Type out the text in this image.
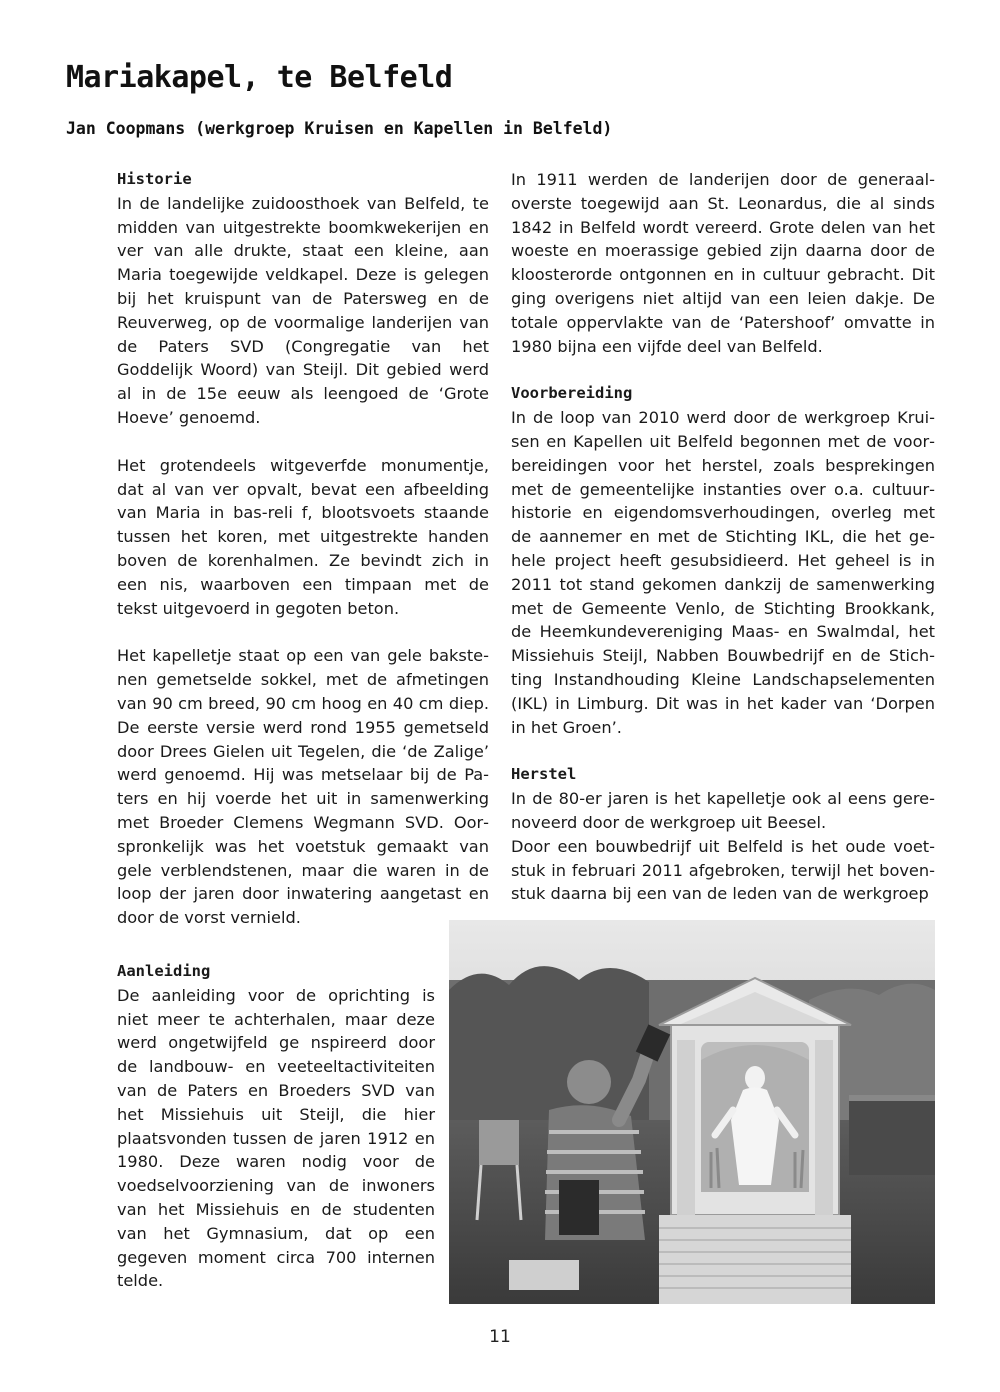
Mariakapel, te Belfeld
Jan Coopmans (werkgroep Kruisen en Kapellen in Belfeld)
Historie

In de landelijke zuidoosthoek van Belfeld, te midden van uitgestrekte boomkwekerijen en ver van alle drukte, staat een kleine, aan Maria toegewijde veldkapel. Deze is gelegen bij het kruispunt van de Patersweg en de Reuverweg, op de voormalige landerijen van de Paters SVD (Congregatie van het Goddelijk Woord) van Steijl. Dit gebied werd al in de 15e eeuw als leengoed de ‘Grote Hoeve’ genoemd.

Het grotendeels witgeverfde monumentje, dat al van ver opvalt, bevat een afbeelding van Maria in bas-reli f, blootsvoets staande tussen het koren, met uitgestrekte handen boven de korenhalmen. Ze bevindt zich in een nis, waarboven een timpaan met de tekst uitgevoerd in gegoten beton.

Het kapelletje staat op een van gele bakstenen gemetselde sokkel, met de afmetingen van 90 cm breed, 90 cm hoog en 40 cm diep. De eerste versie werd rond 1955 gemetseld door Drees Gielen uit Tegelen, die ‘de Zalige’ werd genoemd. Hij was metselaar bij de Paters en hij voerde het uit in samenwerking met Broeder Clemens Wegmann SVD. Oorspronkelijk was het voetstuk gemaakt van gele verblendstenen, maar die waren in de loop der jaren door inwatering aangetast en door de vorst vernield.

Aanleiding

De aanleiding voor de oprichting is niet meer te achterhalen, maar deze werd ongetwijfeld ge nspireerd door de landbouw- en veeteeltactiviteiten van de Paters en Broeders SVD van het Missiehuis uit Steijl, die hier plaatsvonden tussen de jaren 1912 en 1980. Deze waren nodig voor de voedselvoorziening van de inwoners van het Missiehuis en de studenten van het Gymnasium, dat op een gegeven moment circa 700 internen telde.

In 1911 werden de landerijen door de generaaloverste toegewijd aan St. Leonardus, die al sinds 1842 in Belfeld wordt vereerd. Grote delen van het woeste en moerassige gebied zijn daarna door de kloosterorde ontgonnen en in cultuur gebracht. Dit ging overigens niet altijd van een leien dakje. De totale oppervlakte van de ‘Patershoof’ omvatte in 1980 bijna een vijfde deel van Belfeld.

Voorbereiding

In de loop van 2010 werd door de werkgroep Kruisen en Kapellen uit Belfeld begonnen met de voorbereidingen voor het herstel, zoals besprekingen met de gemeentelijke instanties over o.a. cultuurhistorie en eigendomsverhoudingen, overleg met de aannemer en met de Stichting IKL, die het gehele project heeft gesubsidieerd. Het geheel is in 2011 tot stand gekomen dankzij de samenwerking met de Gemeente Venlo, de Stichting Brookkank, de Heemkundevereniging Maas- en Swalmdal, het Missiehuis Steijl, Nabben Bouwbedrijf en de Stichting Instandhouding Kleine Landschapselementen (IKL) in Limburg. Dit was in het kader van ‘Dorpen in het Groen’.

Herstel

In de 80-er jaren is het kapelletje ook al eens gerenoveerd door de werkgroep uit Beesel.

Door een bouwbedrijf uit Belfeld is het oude voetstuk in februari 2011 afgebroken, terwijl het bovenstuk daarna bij een van de leden van de werkgroep

11
